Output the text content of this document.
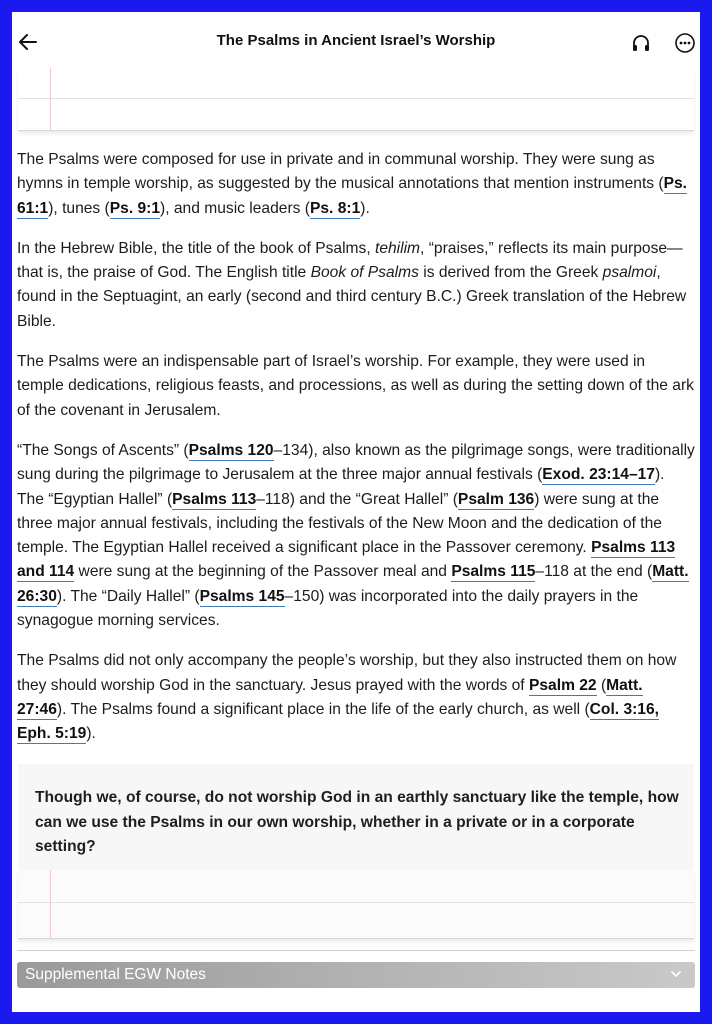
The Psalms in Ancient Israel’s Worship

The Psalms were composed for use in private and in communal worship. They were sung as hymns in temple worship, as suggested by the musical annotations that mention instruments (Ps. 61:1), tunes (Ps. 9:1), and music leaders (Ps. 8:1).

In the Hebrew Bible, the title of the book of Psalms, tehilim, “praises,” reflects its main purpose—that is, the praise of God. The English title Book of Psalms is derived from the Greek psalmoi, found in the Septuagint, an early (second and third century B.C.) Greek translation of the Hebrew Bible.

The Psalms were an indispensable part of Israel’s worship. For example, they were used in temple dedications, religious feasts, and processions, as well as during the setting down of the ark of the covenant in Jerusalem.

“The Songs of Ascents” (Psalms 120–134), also known as the pilgrimage songs, were traditionally sung during the pilgrimage to Jerusalem at the three major annual festivals (Exod. 23:14–17). The “Egyptian Hallel” (Psalms 113–118) and the “Great Hallel” (Psalm 136) were sung at the three major annual festivals, including the festivals of the New Moon and the dedication of the temple. The Egyptian Hallel received a significant place in the Passover ceremony. Psalms 113 and 114 were sung at the beginning of the Passover meal and Psalms 115–118 at the end (Matt. 26:30). The “Daily Hallel” (Psalms 145–150) was incorporated into the daily prayers in the synagogue morning services.

The Psalms did not only accompany the people’s worship, but they also instructed them on how they should worship God in the sanctuary. Jesus prayed with the words of Psalm 22 (Matt. 27:46). The Psalms found a significant place in the life of the early church, as well (Col. 3:16, Eph. 5:19).

Though we, of course, do not worship God in an earthly sanctuary like the temple, how can we use the Psalms in our own worship, whether in a private or in a corporate setting?
Supplemental EGW Notes
